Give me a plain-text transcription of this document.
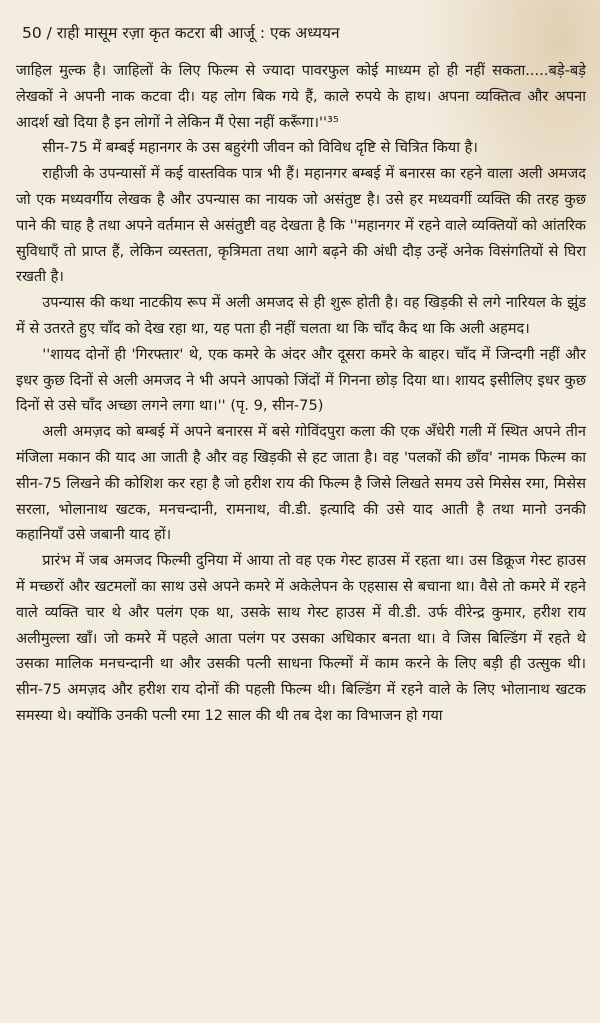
50 / राही मासूम रज़ा कृत कटरा बी आर्जू : एक अध्ययन

जाहिल मुल्क है। जाहिलों के लिए फिल्म से ज्यादा पावरफुल कोई माध्यम हो ही नहीं सकता.....बड़े-बड़े लेखकों ने अपनी नाक कटवा दी। यह लोग बिक गये हैं, काले रुपये के हाथ। अपना व्यक्तित्व और अपना आदर्श खो दिया है इन लोगों ने लेकिन मैं ऐसा नहीं करूँगा।''³⁵

सीन-75 में बम्बई महानगर के उस बहुरंगी जीवन को विविध दृष्टि से चित्रित किया है।

राहीजी के उपन्यासों में कई वास्तविक पात्र भी हैं। महानगर बम्बई में बनारस का रहने वाला अली अमजद जो एक मध्यवर्गीय लेखक है और उपन्यास का नायक जो असंतुष्ट है। उसे हर मध्यवर्गी व्यक्ति की तरह कुछ पाने की चाह है तथा अपने वर्तमान से असंतुष्टी वह देखता है कि ''महानगर में रहने वाले व्यक्तियों को आंतरिक सुविधाएँ तो प्राप्त हैं, लेकिन व्यस्तता, कृत्रिमता तथा आगे बढ़ने की अंधी दौड़ उन्हें अनेक विसंगतियों से घिरा रखती है।

उपन्यास की कथा नाटकीय रूप में अली अमजद से ही शुरू होती है। वह खिड़की से लगे नारियल के झुंड में से उतरते हुए चाँद को देख रहा था, यह पता ही नहीं चलता था कि चाँद कैद था कि अली अहमद।

''शायद दोनों ही 'गिरफ्तार' थे, एक कमरे के अंदर और दूसरा कमरे के बाहर। चाँद में जिन्दगी नहीं और इधर कुछ दिनों से अली अमजद ने भी अपने आपको जिंदों में गिनना छोड़ दिया था। शायद इसीलिए इधर कुछ दिनों से उसे चाँद अच्छा लगने लगा था।'' (पृ. 9, सीन-75)

अली अमज़द को बम्बई में अपने बनारस में बसे गोविंदपुरा कला की एक अँधेरी गली में स्थित अपने तीन मंजिला मकान की याद आ जाती है और वह खिड़की से हट जाता है। वह 'पलकों की छाँव' नामक फिल्म का सीन-75 लिखने की कोशिश कर रहा है जो हरीश राय की फिल्म है जिसे लिखते समय उसे मिसेस रमा, मिसेस सरला, भोलानाथ खटक, मनचन्दानी, रामनाथ, वी.डी. इत्यादि की उसे याद आती है तथा मानो उनकी कहानियाँ उसे जबानी याद हों।

प्रारंभ में जब अमजद फिल्मी दुनिया में आया तो वह एक गेस्ट हाउस में रहता था। उस डिक्रूज गेस्ट हाउस में मच्छरों और खटमलों का साथ उसे अपने कमरे में अकेलेपन के एहसास से बचाना था। वैसे तो कमरे में रहने वाले व्यक्ति चार थे और पलंग एक था, उसके साथ गेस्ट हाउस में वी.डी. उर्फ वीरेन्द्र कुमार, हरीश राय अलीमुल्ला खाँ। जो कमरे में पहले आता पलंग पर उसका अधिकार बनता था। वे जिस बिल्डिंग में रहते थे उसका मालिक मनचन्दानी था और उसकी पत्नी साधना फिल्मों में काम करने के लिए बड़ी ही उत्सुक थी। सीन-75 अमज़द और हरीश राय दोनों की पहली फिल्म थी। बिल्डिंग में रहने वाले के लिए भोलानाथ खटक समस्या थे। क्योंकि उनकी पत्नी रमा 12 साल की थी तब देश का विभाजन हो गया
